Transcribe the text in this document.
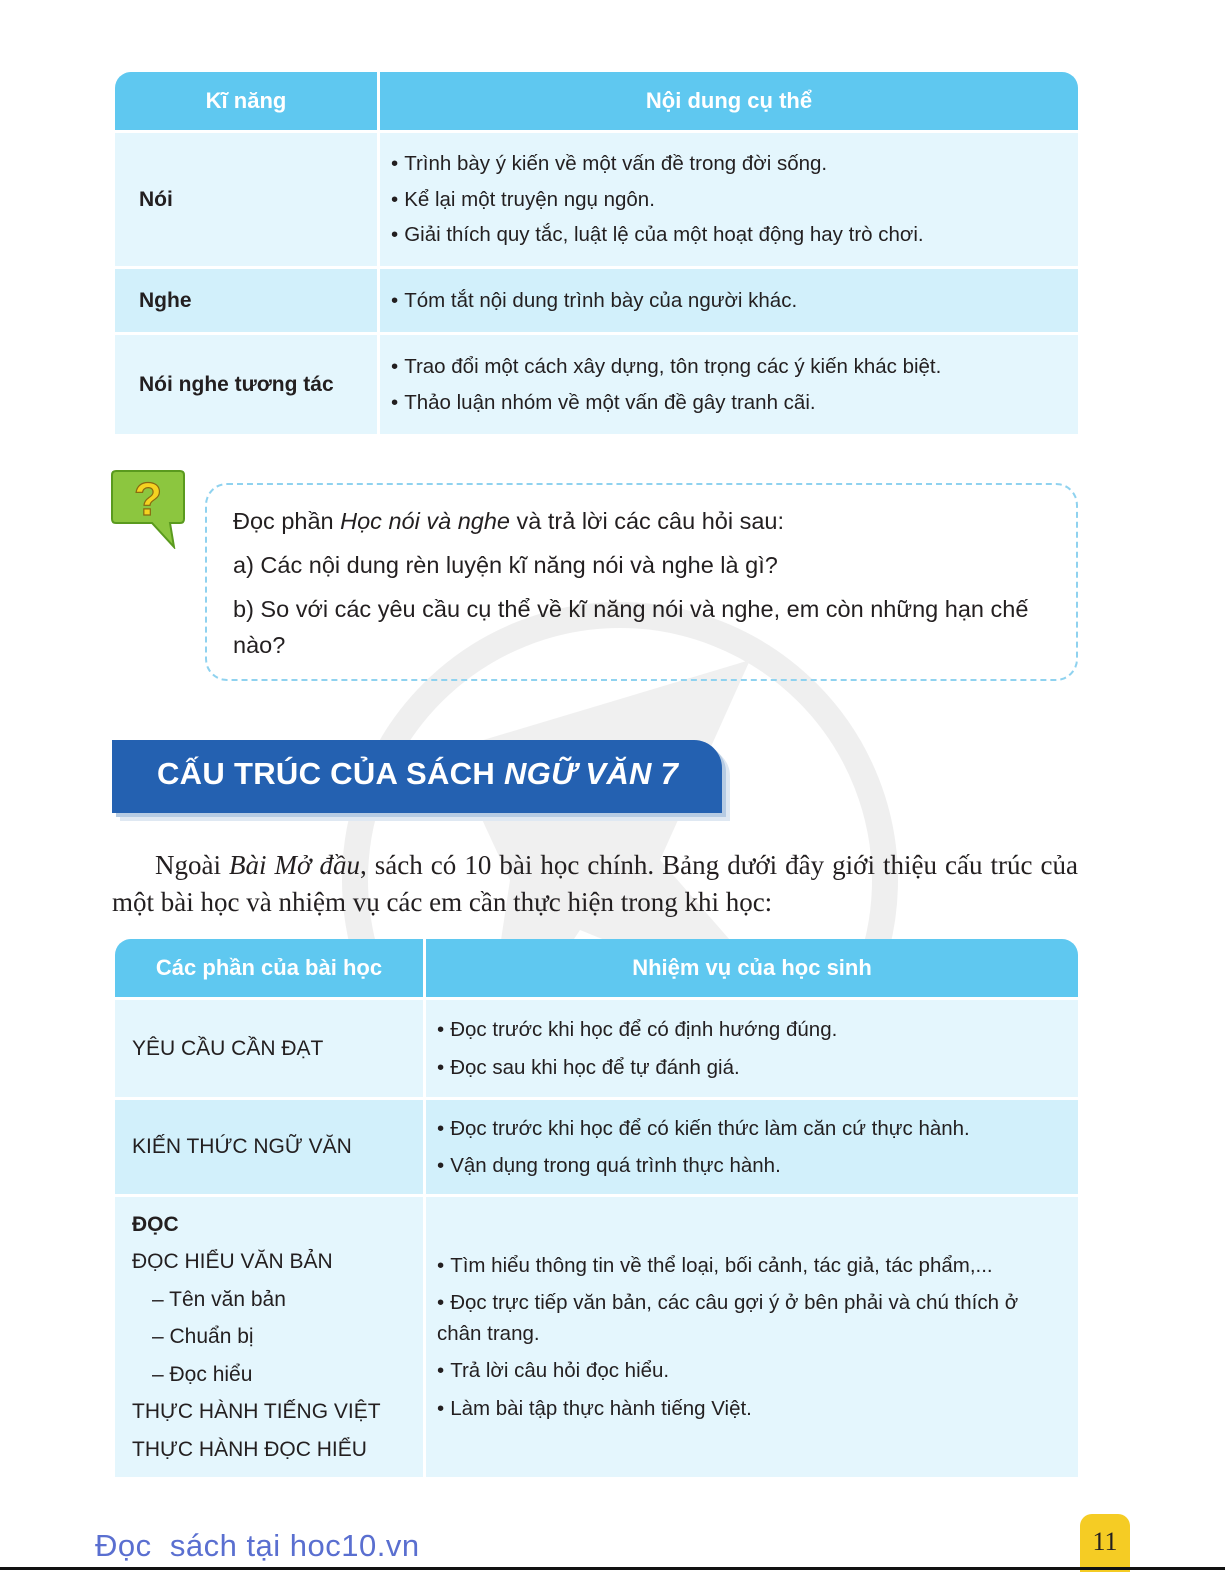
Kĩ năng	Nội dung cụ thể
Nói
• Trình bày ý kiến về một vấn đề trong đời sống.
• Kể lại một truyện ngụ ngôn.
• Giải thích quy tắc, luật lệ của một hoạt động hay trò chơi.
Nghe
•	Tóm tắt nội dung trình bày của người khác.
Nói nghe tương tác
• Trao đổi một cách xây dựng, tôn trọng các ý kiến khác biệt.
• Thảo luận nhóm về một vấn đề gây tranh cãi.
?	Đọc phần Học nói và nghe và trả lời các câu hỏi sau:
a) Các nội dung rèn luyện kĩ năng nói và nghe là gì?
b) So với các yêu cầu cụ thể về kĩ năng nói và nghe, em còn những hạn chế nào?
CẤU TRÚC CỦA SÁCH NGỮ VĂN 7

Ngoài Bài Mở đầu, sách có 10 bài học chính. Bảng dưới đây giới thiệu cấu trúc của một bài học và nhiệm vụ các em cần thực hiện trong khi học:

Các phần của bài học	Nhiệm vụ của học sinh
YÊU CẦU CẦN ĐẠT
• Đọc trước khi học để có định hướng đúng.
• Đọc sau khi học để tự đánh giá.
KIẾN THỨC NGỮ VĂN
• Đọc trước khi học để có kiến thức làm căn cứ thực hành.
• Vận dụng trong quá trình thực hành.
ĐỌC
ĐỌC HIỂU VĂN BẢN
– Tên văn bản
– Chuẩn bị
– Đọc hiểu
THỰC HÀNH TIẾNG VIỆT
THỰC HÀNH ĐỌC HIỂU
• Tìm hiểu thông tin về thể loại, bối cảnh, tác giả, tác phẩm,...
• Đọc trực tiếp văn bản, các câu gợi ý ở bên phải và chú thích ở chân trang.
• Trả lời câu hỏi đọc hiểu.
• Làm bài tập thực hành tiếng Việt.
Đọc  sách tại hoc10.vn	11
